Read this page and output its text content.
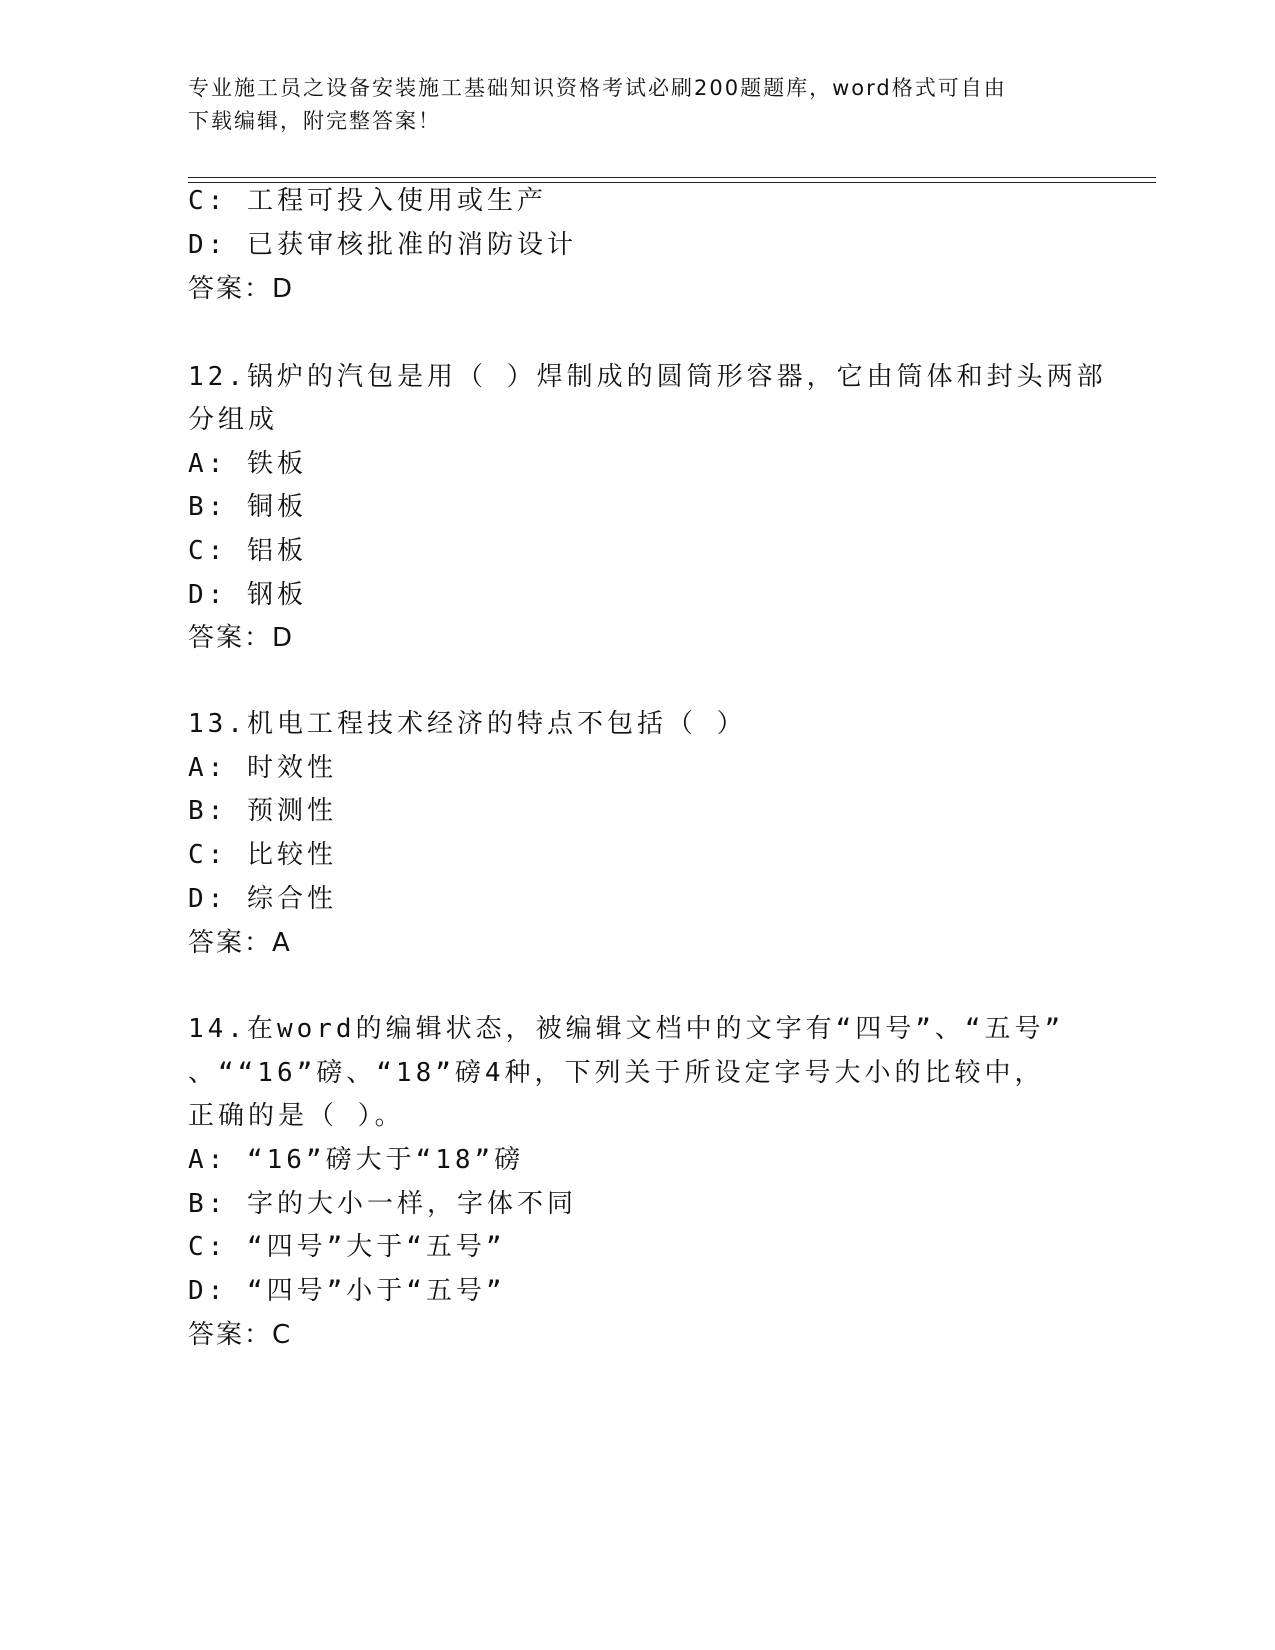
专业施工员之设备安装施工基础知识资格考试必刷200题题库，word格式可自由
下载编辑，附完整答案！
C: 工程可投入使用或生产
D: 已获审核批准的消防设计
答案：D
12.锅炉的汽包是用（ ）焊制成的圆筒形容器，它由筒体和封头两部
分组成
A: 铁板
B: 铜板
C: 铝板
D: 钢板
答案：D
13.机电工程技术经济的特点不包括（ ）
A: 时效性
B: 预测性
C: 比较性
D: 综合性
答案：A
14.在word的编辑状态，被编辑文档中的文字有“四号”、“五号”
、““16”磅、“18”磅4种，下列关于所设定字号大小的比较中，
正确的是（ ）。
A: “16”磅大于“18”磅
B: 字的大小一样，字体不同
C: “四号”大于“五号”
D: “四号”小于“五号”
答案：C
